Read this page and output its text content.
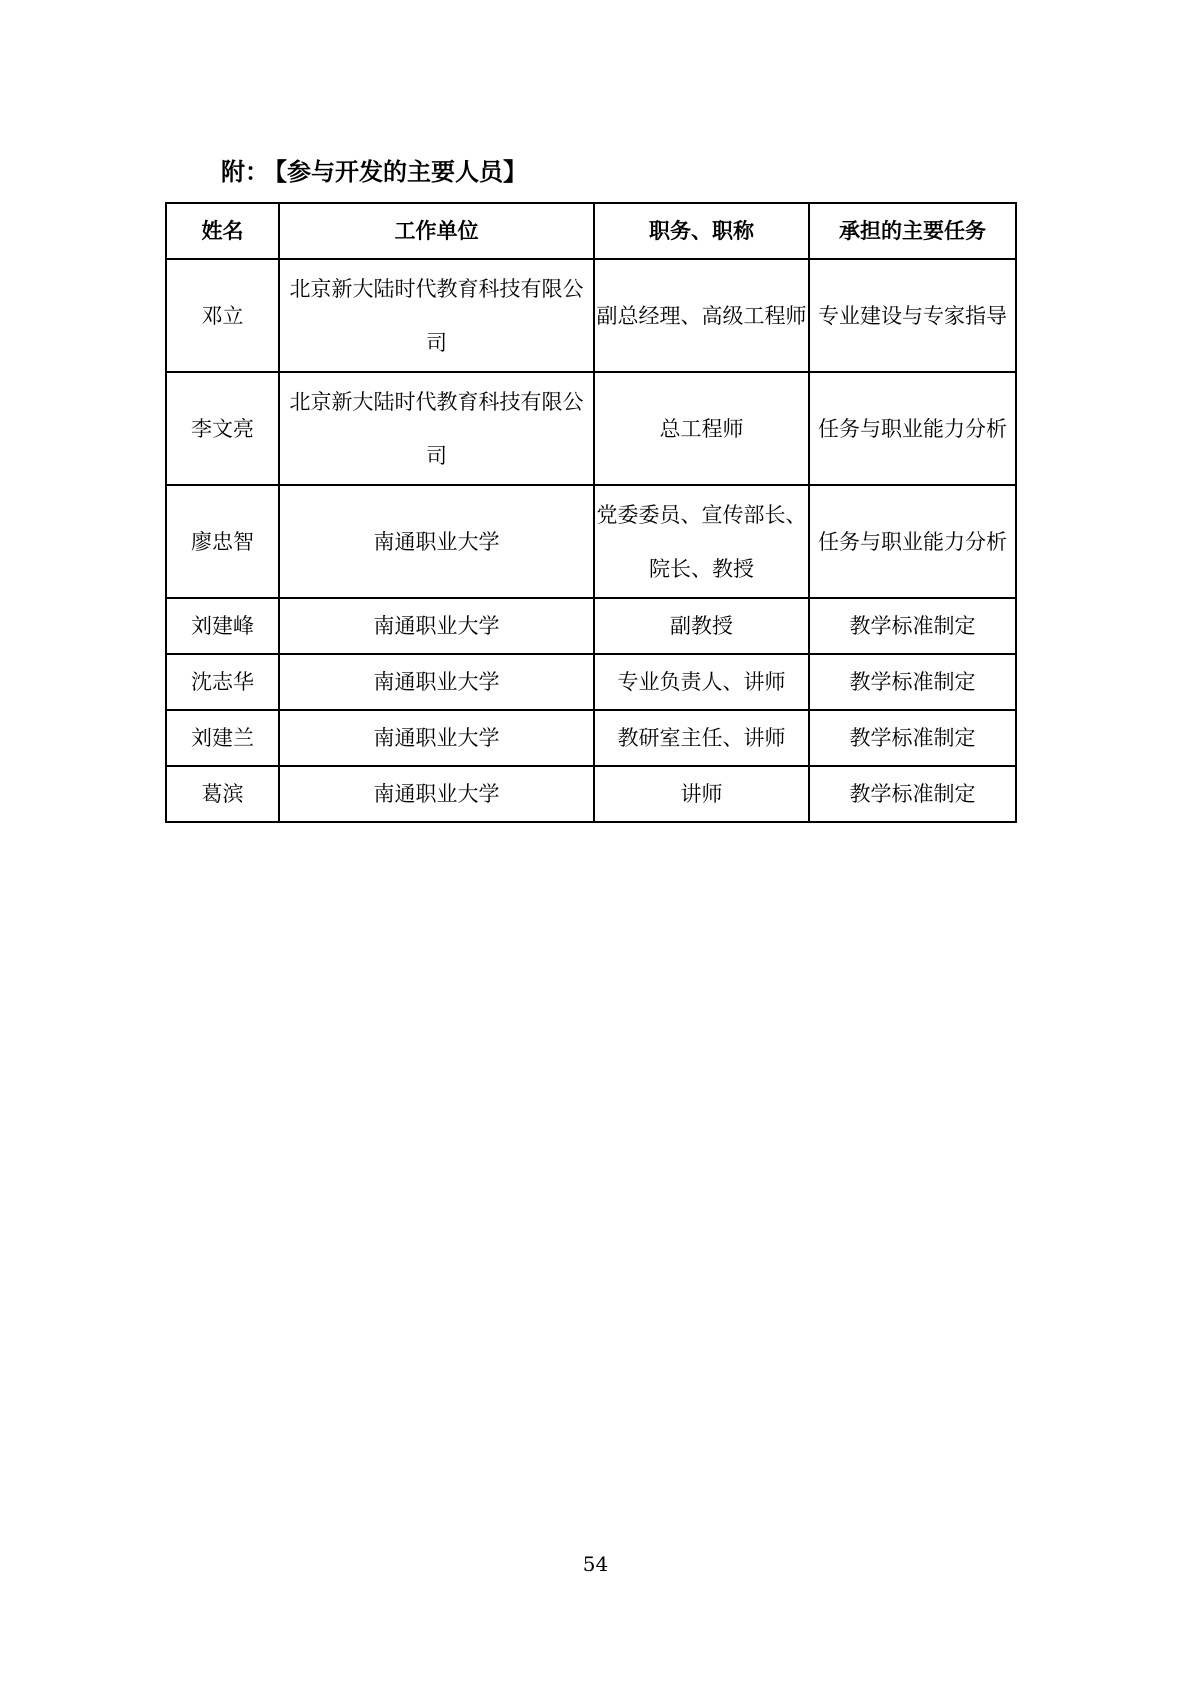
附： 【参与开发的主要人员】
姓名	工作单位	职务、职称	承担的主要任务
邓立	北京新大陆时代教育科技有限公司	副总经理、高级工程师	专业建设与专家指导
李文亮	北京新大陆时代教育科技有限公司	总工程师	任务与职业能力分析
廖忠智	南通职业大学	党委委员、宣传部长、院长、教授	任务与职业能力分析
刘建峰	南通职业大学	副教授	教学标准制定
沈志华	南通职业大学	专业负责人、讲师	教学标准制定
刘建兰	南通职业大学	教研室主任、讲师	教学标准制定
葛滨	南通职业大学	讲师	教学标准制定
54
